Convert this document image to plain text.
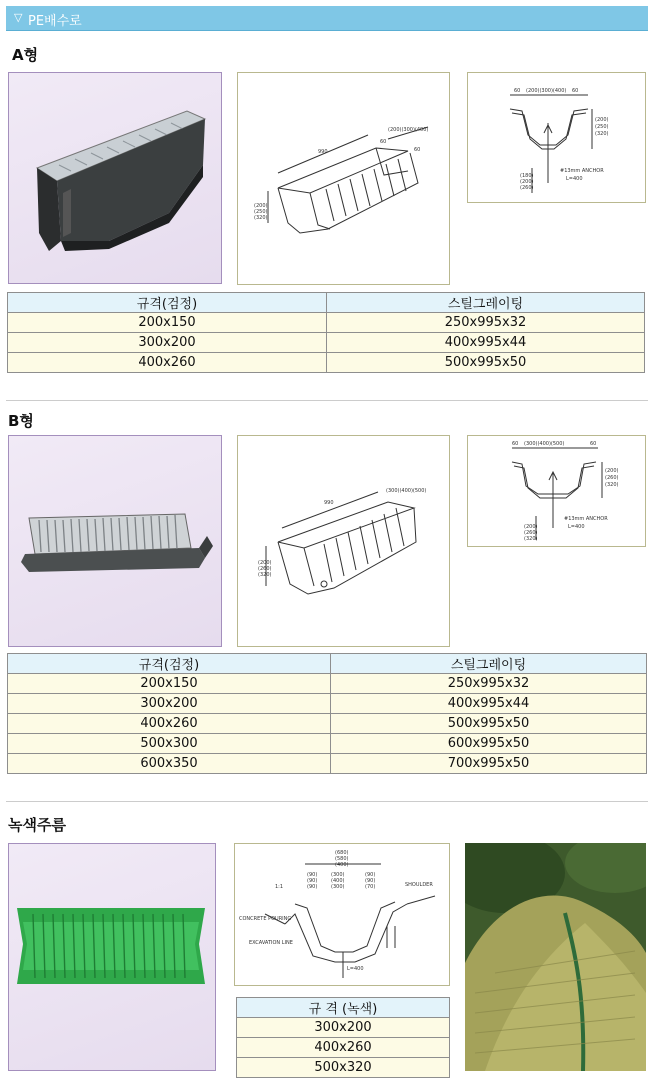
▽ PE배수로
A형
(200)
(250)
(320)
990
(200)(300)(400)
60
60
60 (200)(300)(400) 60
(200)
(250)
(320)
#13mm ANCHOR
L=400
(180)
(200)
(260)
규격(검정)	스틸그레이팅
200x150	250x995x32
300x200	400x995x44
400x260	500x995x50
B형
(200)
(260)
(320)
990
(300)(400)(500)
60 (300)(400)(500)	60
(200)
(260)
(320)
#13mm ANCHOR
L=400
(200)
(260)
(320)
규격(검정)	스틸그레이팅
200x150	250x995x32
300x200	400x995x44
400x260	500x995x50
500x300	600x995x50
600x350	700x995x50
녹색주름
(680)
(580)
(400)
(90)
(90)
(90)
(300)
(400)
(300)
(90)
(90)
(70)
CONCRETE POURING
EXCAVATION LINE
SHOULDER
1:1
L=400
규 격 (녹색)
300x200
400x260
500x320
